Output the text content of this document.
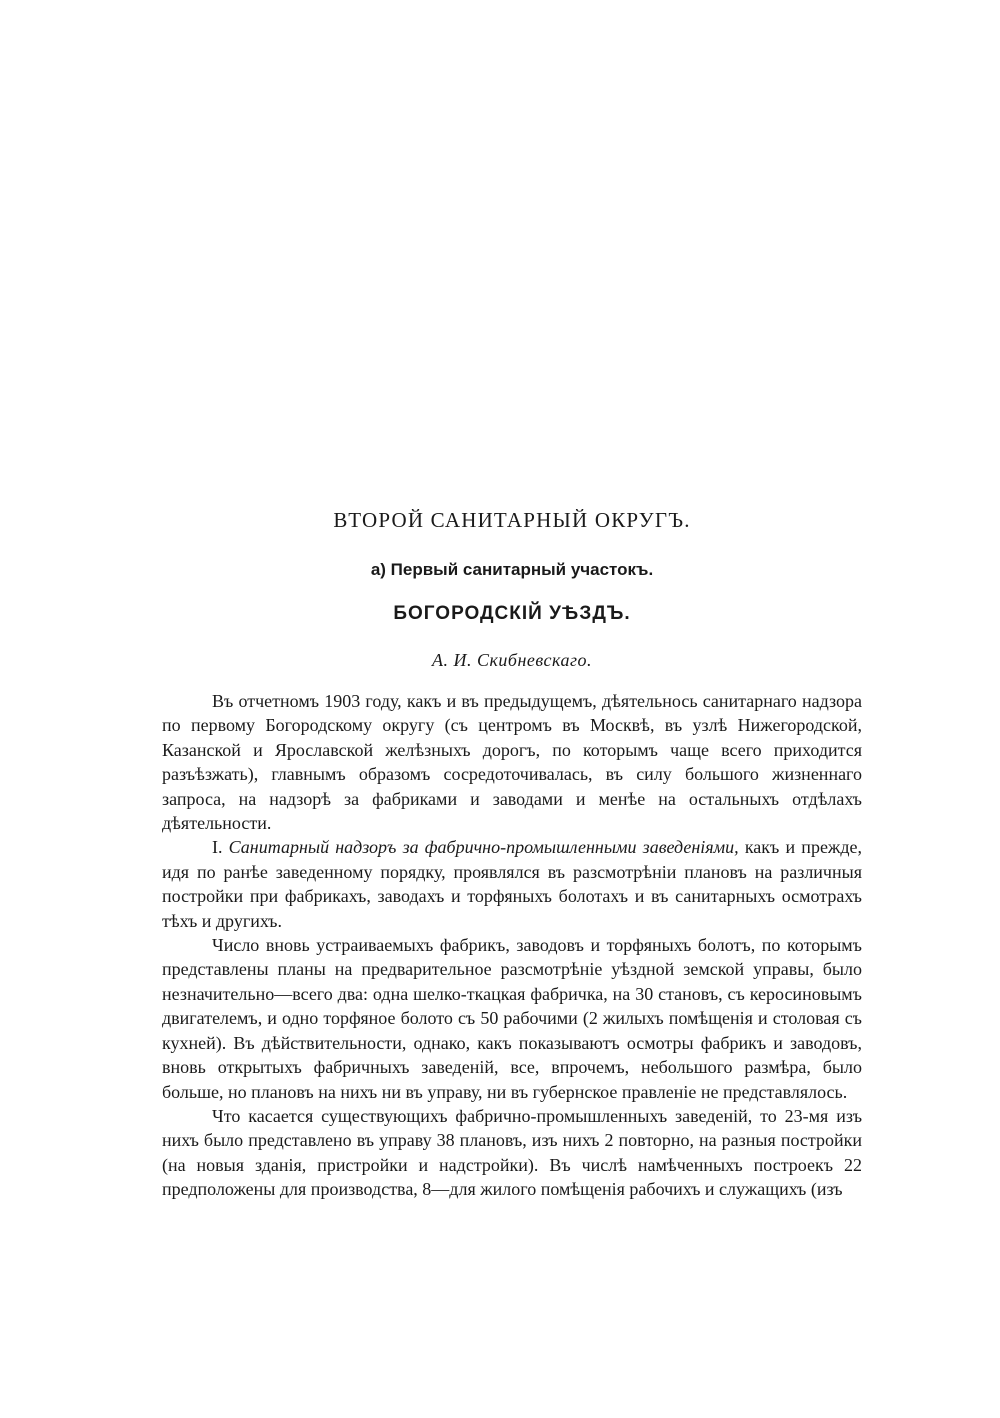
ВТОРОЙ САНИТАРНЫЙ ОКРУГЪ.
а) Первый санитарный участокъ.
БОГОРОДСКІЙ УѢЗДЪ.
А. И. Скибневскаго.

Въ отчетномъ 1903 году, какъ и въ предыдущемъ, дѣятельнось санитарнаго надзора по первому Богородскому округу (съ центромъ въ Москвѣ, въ узлѣ Нижегородской, Казанской и Ярославской желѣзныхъ дорогъ, по которымъ чаще всего приходится разъѣзжать), главнымъ образомъ сосредоточивалась, въ силу большого жизненнаго запроса, на надзорѣ за фабриками и заводами и менѣе на остальныхъ отдѣлахъ дѣятельности.

I. Санитарный надзоръ за фабрично-промышленными заведеніями, какъ и прежде, идя по ранѣе заведенному порядку, проявлялся въ разсмотрѣніи плановъ на различныя постройки при фабрикахъ, заводахъ и торфяныхъ болотахъ и въ санитарныхъ осмотрахъ тѣхъ и другихъ.

Число вновь устраиваемыхъ фабрикъ, заводовъ и торфяныхъ болотъ, по которымъ представлены планы на предварительное разсмотрѣніе уѣздной земской управы, было незначительно—всего два: одна шелко-ткацкая фабричка, на 30 становъ, съ керосиновымъ двигателемъ, и одно торфяное болото съ 50 рабочими (2 жилыхъ помѣщенія и столовая съ кухней). Въ дѣйствительности, однако, какъ показываютъ осмотры фабрикъ и заводовъ, вновь открытыхъ фабричныхъ заведеній, все, впрочемъ, небольшого размѣра, было больше, но плановъ на нихъ ни въ управу, ни въ губернское правленіе не представлялось.

Что касается существующихъ фабрично-промышленныхъ заведеній, то 23-мя изъ нихъ было представлено въ управу 38 плановъ, изъ нихъ 2 повторно, на разныя постройки (на новыя зданія, пристройки и надстройки). Въ числѣ намѣченныхъ построекъ 22 предположены для производства, 8—для жилого помѣщенія рабочихъ и служащихъ (изъ
